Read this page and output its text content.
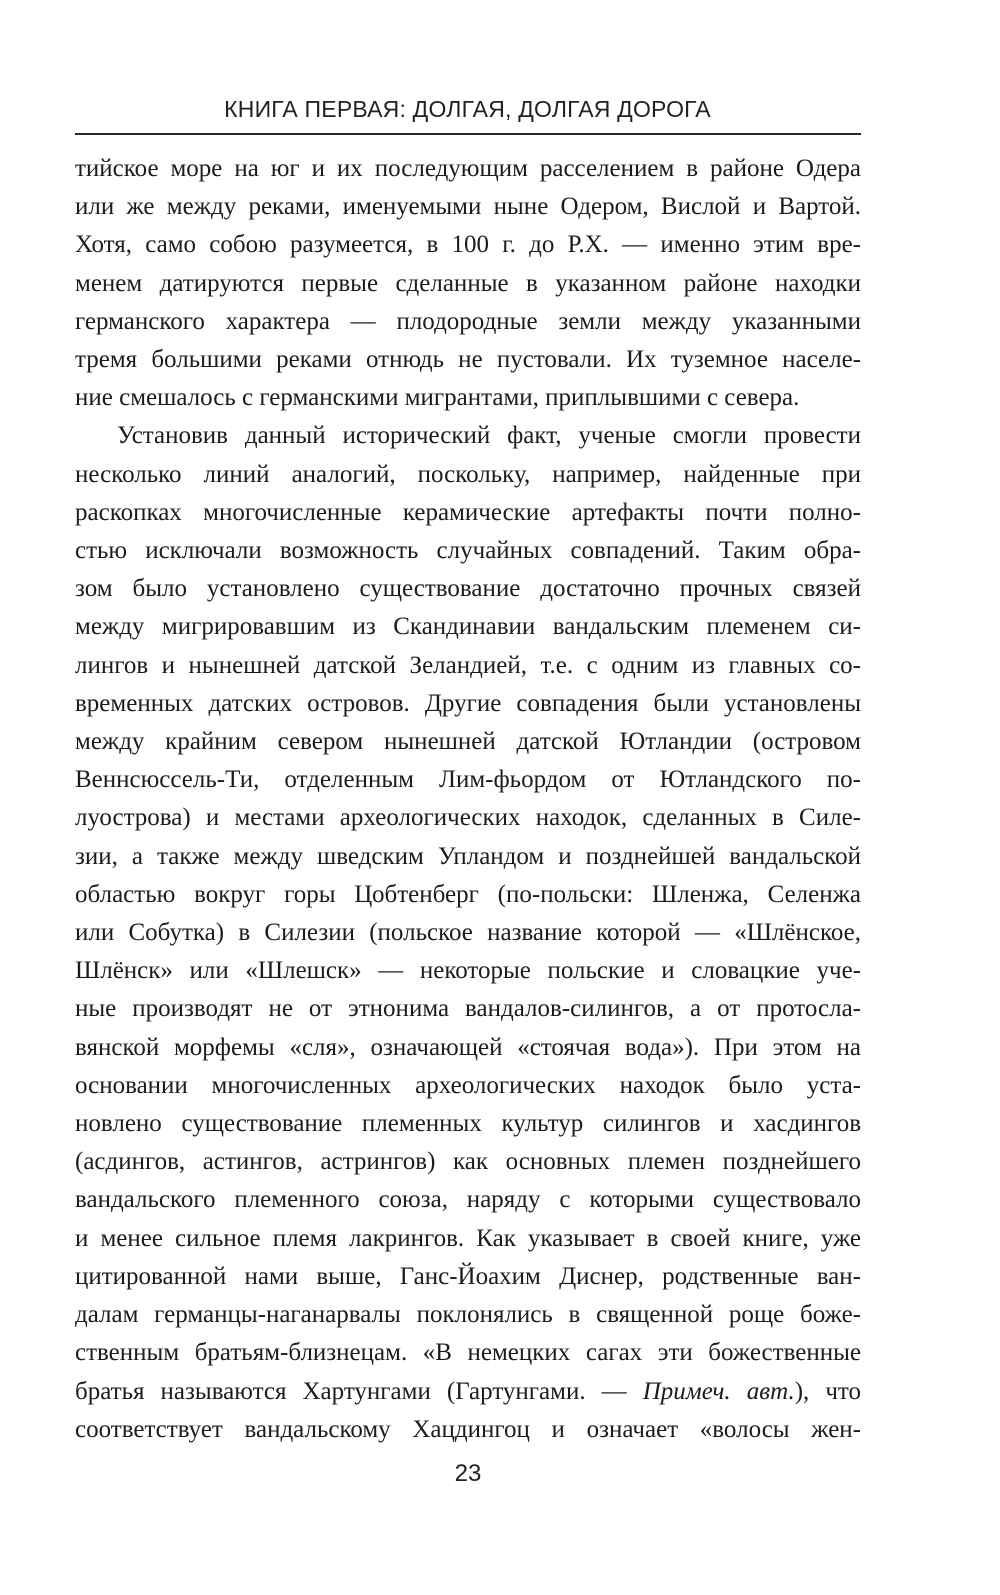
КНИГА ПЕРВАЯ: ДОЛГАЯ, ДОЛГАЯ ДОРОГА

тийское море на юг и их последующим расселением в районе Одера
или же между реками, именуемыми ныне Одером, Вислой и Вартой.
Хотя, само собою разумеется, в 100 г. до Р.Х. — именно этим вре-
менем датируются первые сделанные в указанном районе находки
германского характера — плодородные земли между указанными
тремя большими реками отнюдь не пустовали. Их туземное населе-
ние смешалось с германскими мигрантами, приплывшими с севера.

Установив данный исторический факт, ученые смогли провести
несколько линий аналогий, поскольку, например, найденные при
раскопках многочисленные керамические артефакты почти полно-
стью исключали возможность случайных совпадений. Таким обра-
зом было установлено существование достаточно прочных связей
между мигрировавшим из Скандинавии вандальским племенем си-
лингов и нынешней датской Зеландией, т.е. с одним из главных со-
временных датских островов. Другие совпадения были установлены
между крайним севером нынешней датской Ютландии (островом
Веннсюссель-Ти, отделенным Лим-фьордом от Ютландского по-
луострова) и местами археологических находок, сделанных в Силе-
зии, а также между шведским Упландом и позднейшей вандальской
областью вокруг горы Цобтенберг (по-польски: Шленжа, Селенжа
или Собутка) в Силезии (польское название которой — «Шлёнское,
Шлёнск» или «Шлешск» — некоторые польские и словацкие уче-
ные производят не от этнонима вандалов-силингов, а от протосла-
вянской морфемы «сля», означающей «стоячая вода»). При этом на
основании многочисленных археологических находок было уста-
новлено существование племенных культур силингов и хасдингов
(асдингов, астингов, астрингов) как основных племен позднейшего
вандальского племенного союза, наряду с которыми существовало
и менее сильное племя лакрингов. Как указывает в своей книге, уже
цитированной нами выше, Ганс-Йоахим Диснер, родственные ван-
далам германцы-наганарвалы поклонялись в священной роще боже-
ственным братьям-близнецам. «В немецких сагах эти божественные
братья называются Хартунгами (Гартунгами. — Примеч. авт.), что
соответствует вандальскому Хацдингоц и означает «волосы жен-

23
